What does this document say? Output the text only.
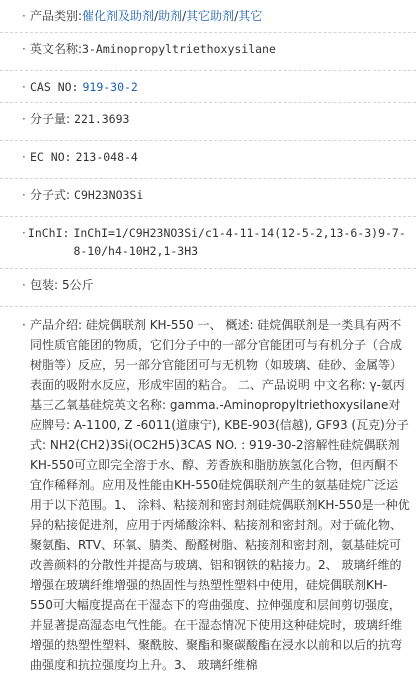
· 产品类别: 催化剂及助剂/助剂/其它助剂/其它
· 英文名称: 3-Aminopropyltriethoxysilane
· CAS NO: 919-30-2
· 分子量: 221.3693
· EC NO: 213-048-4
· 分子式: C9H23NO3Si
· InChI: InChI=1/C9H23NO3Si/c1-4-11-14(12-5-2,13-6-3)9-7-8-10/h4-10H2,1-3H3
· 包装: 5公斤
· 产品介绍: 硅烷偶联剂 KH-550 一、 概述: 硅烷偶联剂是一类具有两不同性质官能团的物质，它们分子中的一部分官能团可与有机分子（合成树脂等）反应，另一部分官能团可与无机物（如玻璃、硅砂、金属等）表面的吸附水反应，形成牢固的粘合。 二、产品说明 中文名称: γ-氨丙基三乙氧基硅烷英文名称: gamma.-Aminopropyltriethoxysilane对应牌号: A-1100, Z -6011(道康宁), KBE-903(信越), GF93 (瓦克)分子式: NH2(CH2)3Si(OC2H5)3CAS NO. : 919-30-2溶解性硅烷偶联剂KH-550可立即完全溶于水、醇、芳香族和脂肪族氢化合物，但丙酮不宜作稀释剂。应用及性能由KH-550硅烷偶联剂产生的氨基硅烷广泛运用于以下范围。1、 涂料、粘接剂和密封剂硅烷偶联剂KH-550是一种优异的粘接促进剂，应用于丙烯酸涂料、粘接剂和密封剂。对于硫化物、聚氨酯、RTV、环氧、腈类、酚醛树脂、粘接剂和密封剂，氨基硅烷可改善颜料的分散性并提高与玻璃、铝和钢铁的粘接力。2、 玻璃纤维的增强在玻璃纤维增强的热固性与热塑性塑料中使用，硅烷偶联剂KH-550可大幅度提高在干湿态下的弯曲强度、拉伸强度和层间剪切强度，并显著提高湿态电气性能。在干湿态情况下使用这种硅烷时，玻璃纤维增强的热塑性塑料、聚酰胺、聚酯和聚碳酸酯在浸水以前和以后的抗弯曲强度和抗拉强度均上升。3、 玻璃纤维棉
